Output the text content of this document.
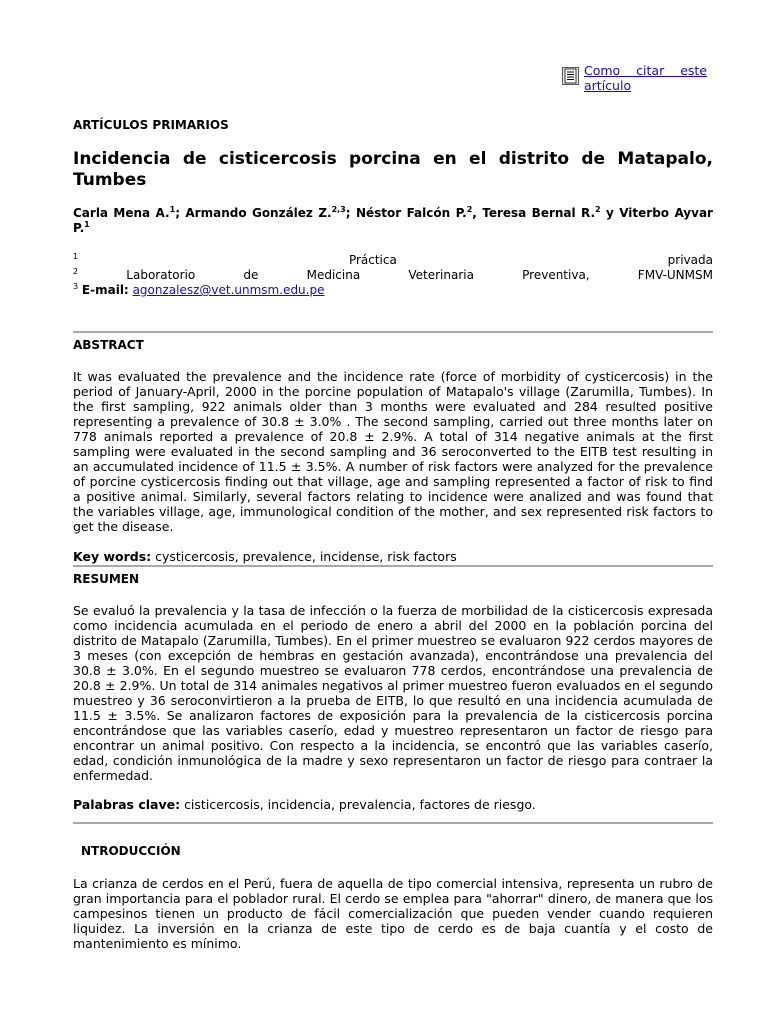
Como citar este artículo
ARTÍCULOS PRIMARIOS
Incidencia de cisticercosis porcina en el distrito de Matapalo, Tumbes
Carla Mena A.$^1$; Armando González Z.$^{2,3}$; Néstor Falcón P.$^2$, Teresa Bernal R.$^2$ y Viterbo Ayvar P.$^1$
$^1$	Práctica privada
$^2$	Laboratorio de Medicina Veterinaria Preventiva, FMV-UNMSM
$^3$ E-mail: agonzalesz@vet.unmsm.edu.pe
ABSTRACT

It was evaluated the prevalence and the incidence rate (force of morbidity of cysticercosis) in the period of January-April, 2000 in the porcine population of Matapalo's village (Zarumilla, Tumbes). In the first sampling, 922 animals older than 3 months were evaluated and 284 resulted positive representing a prevalence of 30.8 ± 3.0% . The second sampling, carried out three months later on 778 animals reported a prevalence of 20.8 ± 2.9%. A total of 314 negative animals at the first sampling were evaluated in the second sampling and 36 seroconverted to the EITB test resulting in an accumulated incidence of 11.5 ± 3.5%. A number of risk factors were analyzed for the prevalence of porcine cysticercosis finding out that village, age and sampling represented a factor of risk to find a positive animal. Similarly, several factors relating to incidence were analized and was found that the variables village, age, immunological condition of the mother, and sex represented risk factors to get the disease.

Key words: cysticercosis, prevalence, incidense, risk factors
RESUMEN

Se evaluó la prevalencia y la tasa de infección o la fuerza de morbilidad de la cisticercosis expresada como incidencia acumulada en el periodo de enero a abril del 2000 en la población porcina del distrito de Matapalo (Zarumilla, Tumbes). En el primer muestreo se evaluaron 922 cerdos mayores de 3 meses (con excepción de hembras en gestación avanzada), encontrándose una prevalencia del 30.8 ± 3.0%. En el segundo muestreo se evaluaron 778 cerdos, encontrándose una prevalencia de 20.8 ± 2.9%. Un total de 314 animales negativos al primer muestreo fueron evaluados en el segundo muestreo y 36 seroconvirtieron a la prueba de EITB, lo que resultó en una incidencia acumulada de 11.5 ± 3.5%. Se analizaron factores de exposición para la prevalencia de la cisticercosis porcina encontrándose que las variables caserío, edad y muestreo representaron un factor de riesgo para encontrar un animal positivo. Con respecto a la incidencia, se encontró que las variables caserío, edad, condición inmunológica de la madre y sexo representaron un factor de riesgo para contraer la enfermedad.

Palabras clave: cisticercosis, incidencia, prevalencia, factores de riesgo.
NTRODUCCIÓN

La crianza de cerdos en el Perú, fuera de aquella de tipo comercial intensiva, representa un rubro de gran importancia para el poblador rural. El cerdo se emplea para "ahorrar" dinero, de manera que los campesinos tienen un producto de fácil comercialización que pueden vender cuando requieren liquidez. La inversión en la crianza de este tipo de cerdo es de baja cuantía y el costo de mantenimiento es mínimo.
